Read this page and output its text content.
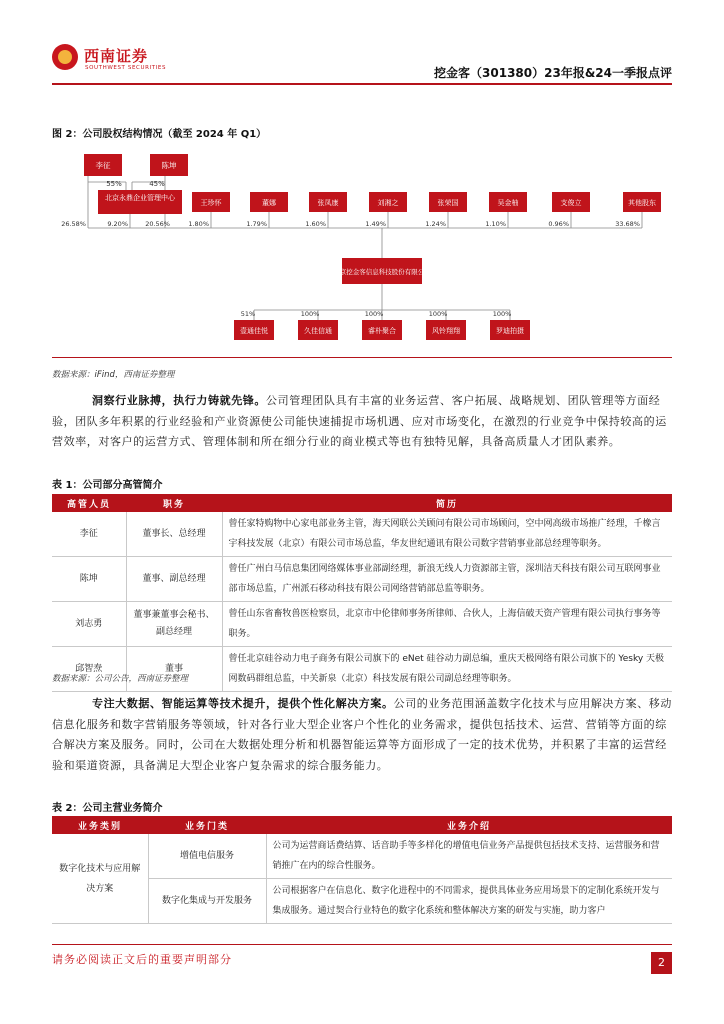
西南证券
SOUTHWEST SECURITIES	挖金客（301380）23年报&24一季报点评
图 2：公司股权结构情况（截至 2024 年 Q1）
李征	陈坤
55%	45%
北京永鼎企业管理中心
王珍怀	董娜	张凤康	刘湘之	张荣国	吴金柚	支俊立	其他股东
26.58%	9.20%	20.56%	1.80%	1.79%	1.60%	1.49%	1.24%	1.10%	0.96%	33.68%
北京挖金客信息科技股份有限公司
51%	100%	100%	100%	100%
壹通佳悦	久佳信通	睿朴聚合	风铃翔翔	罗迪拍摄
数据来源：iFind，西南证券整理
洞察行业脉搏，执行力铸就先锋。公司管理团队具有丰富的业务运营、客户拓展、战略规划、团队管理等方面经验，团队多年积累的行业经验和产业资源使公司能快速捕捉市场机遇、应对市场变化，在激烈的行业竞争中保持较高的运营效率，对客户的运营方式、管理体制和所在细分行业的商业模式等也有独特见解，具备高质量人才团队素养。
表 1：公司部分高管简介
高管人员	职务	简历
李征	董事长、总经理	曾任家特购物中心家电部业务主管，海天网联公关顾问有限公司市场顾问，空中网高级市场推广经理，千橡言宇科技发展（北京）有限公司市场总监，华友世纪通讯有限公司数字营销事业部总经理等职务。
陈坤	董事、副总经理	曾任广州白马信息集团网络媒体事业部副经理，新浪无线人力资源部主管，深圳洁天科技有限公司互联网事业部市场总监，广州派石移动科技有限公司网络营销部总监等职务。
刘志勇	董事兼董事会秘书、副总经理	曾任山东省畜牧兽医检察员，北京市中伦律师事务所律师、合伙人，上海信破天资产管理有限公司执行事务等职务。
邱智焘	董事	曾任北京硅谷动力电子商务有限公司旗下的 eNet 硅谷动力副总编，重庆天极网络有限公司旗下的 Yesky 天极网数码群组总监，中关新泉（北京）科技发展有限公司副总经理等职务。
数据来源：公司公告，西南证券整理
专注大数据、智能运算等技术提升，提供个性化解决方案。公司的业务范围涵盖数字化技术与应用解决方案、移动信息化服务和数字营销服务等领域，针对各行业大型企业客户个性化的业务需求，提供包括技术、运营、营销等方面的综合解决方案及服务。同时，公司在大数据处理分析和机器智能运算等方面形成了一定的技术优势，并积累了丰富的运营经验和渠道资源，具备满足大型企业客户复杂需求的综合服务能力。
表 2：公司主营业务简介
业务类别	业务门类	业务介绍
数字化技术与应用解决方案	增值电信服务	公司为运营商话费结算、话音助手等多样化的增值电信业务产品提供包括技术支持、运营服务和营销推广在内的综合性服务。
	数字化集成与开发服务	公司根据客户在信息化、数字化进程中的不同需求，提供具体业务应用场景下的定制化系统开发与集成服务。通过契合行业特色的数字化系统和整体解决方案的研发与实施，助力客户
请务必阅读正文后的重要声明部分	2
